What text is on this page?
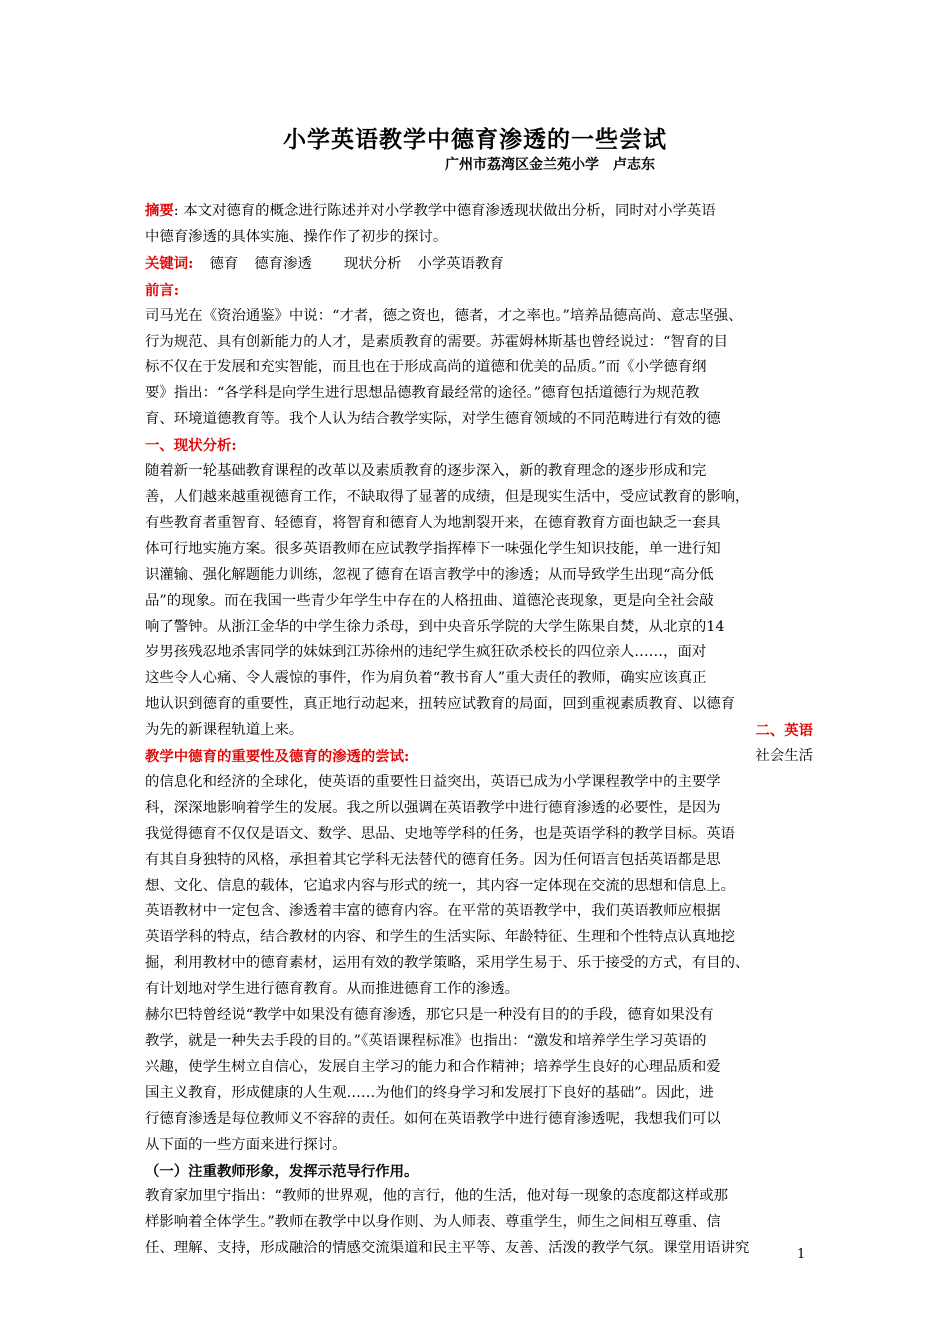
小学英语教学中德育渗透的一些尝试
广州市荔湾区金兰苑小学　卢志东

摘要: 本文对德育的概念进行陈述并对小学教学中德育渗透现状做出分析，同时对小学英语

中德育渗透的具体实施、操作作了初步的探讨。

关键词: 德育 德育渗透 现状分析 小学英语教育

前言:

司马光在《资治通鉴》中说：“才者，德之资也，德者，才之率也。”培养品德高尚、意志坚强、

行为规范、具有创新能力的人才，是素质教育的需要。苏霍姆林斯基也曾经说过：“智育的目

标不仅在于发展和充实智能，而且也在于形成高尚的道德和优美的品质。”而《小学德育纲

要》指出：“各学科是向学生进行思想品德教育最经常的途径。”德育包括道德行为规范教

育、环境道德教育等。我个人认为结合教学实际，对学生德育领域的不同范畴进行有效的德

一、现状分析:

随着新一轮基础教育课程的改革以及素质教育的逐步深入，新的教育理念的逐步形成和完

善，人们越来越重视德育工作，不缺取得了显著的成绩，但是现实生活中，受应试教育的影响，

有些教育者重智育、轻德育，将智育和德育人为地割裂开来，在德育教育方面也缺乏一套具

体可行地实施方案。很多英语教师在应试教学指挥棒下一味强化学生知识技能，单一进行知

识灌输、强化解题能力训练，忽视了德育在语言教学中的渗透；从而导致学生出现“高分低

品”的现象。而在我国一些青少年学生中存在的人格扭曲、道德沦丧现象，更是向全社会敲

响了警钟。从浙江金华的中学生徐力杀母，到中央音乐学院的大学生陈果自焚，从北京的14

岁男孩残忍地杀害同学的妹妹到江苏徐州的违纪学生疯狂砍杀校长的四位亲人……，面对

这些令人心痛、令人震惊的事件，作为肩负着“教书育人”重大责任的教师，确实应该真正

地认识到德育的重要性，真正地行动起来，扭转应试教育的局面，回到重视素质教育、以德育

为先的新课程轨道上来。	二、英语

教学中德育的重要性及德育的渗透的尝试:	社会生活

的信息化和经济的全球化，使英语的重要性日益突出，英语已成为小学课程教学中的主要学

科，深深地影响着学生的发展。我之所以强调在英语教学中进行德育渗透的必要性，是因为

我觉得德育不仅仅是语文、数学、思品、史地等学科的任务，也是英语学科的教学目标。英语

有其自身独特的风格，承担着其它学科无法替代的德育任务。因为任何语言包括英语都是思

想、文化、信息的载体，它追求内容与形式的统一，其内容一定体现在交流的思想和信息上。

英语教材中一定包含、渗透着丰富的德育内容。在平常的英语教学中，我们英语教师应根据

英语学科的特点，结合教材的内容、和学生的生活实际、年龄特征、生理和个性特点认真地挖

掘，利用教材中的德育素材，运用有效的教学策略，采用学生易于、乐于接受的方式，有目的、

有计划地对学生进行德育教育。从而推进德育工作的渗透。

赫尔巴特曾经说“教学中如果没有德育渗透，那它只是一种没有目的的手段，德育如果没有

教学，就是一种失去手段的目的。”《英语课程标准》也指出：“激发和培养学生学习英语的

兴趣，使学生树立自信心，发展自主学习的能力和合作精神；培养学生良好的心理品质和爱

国主义教育，形成健康的人生观……为他们的终身学习和发展打下良好的基础”。因此，进

行德育渗透是每位教师义不容辞的责任。如何在英语教学中进行德育渗透呢，我想我们可以

从下面的一些方面来进行探讨。

（一）注重教师形象，发挥示范导行作用。

教育家加里宁指出：“教师的世界观，他的言行，他的生活，他对每一现象的态度都这样或那

样影响着全体学生。”教师在教学中以身作则、为人师表、尊重学生，师生之间相互尊重、信

任、理解、支持，形成融洽的情感交流渠道和民主平等、友善、活泼的教学气氛。课堂用语讲究	1
